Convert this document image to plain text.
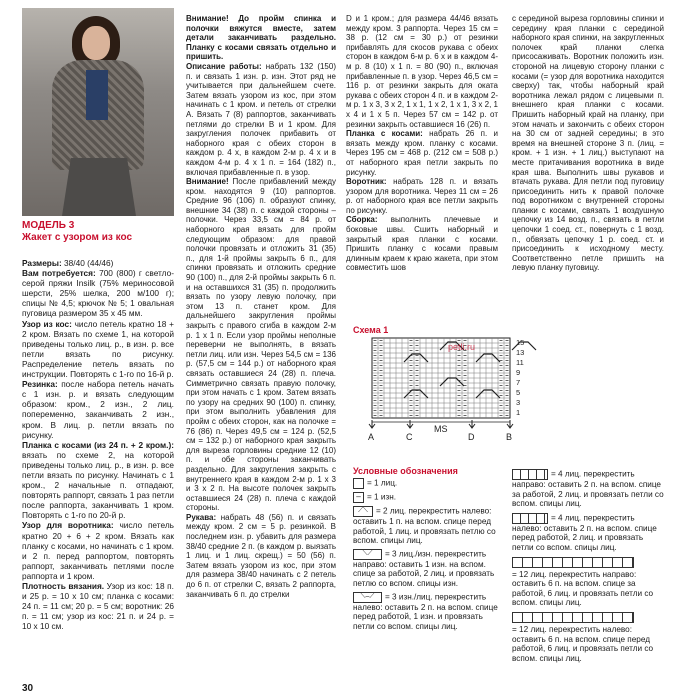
МОДЕЛЬ 3
Жакет с узором из кос

Размеры: 38/40 (44/46)

Вам потребуется: 700 (800) г светло-серой пряжи Insilk (75% мериносовой шерсти, 25% шелка, 200 м/100 г); спицы № 4,5; крючок № 5; 1 овальная пуговица размером 35 x 45 мм.

Узор из кос: число петель кратно 18 + 2 кром. Вязать по схеме 1, на которой приведены только лиц. р., в изн. р. все петли вязать по рисунку. Распределение петель вязать по инструкции. Повторять с 1-го по 16-й р.

Резинка: после набора петель начать с 1 изн. р. и вязать следующим образом: кром., 2 изн., 2 лиц. попеременно, заканчивать 2 изн., кром. В лиц. р. петли вязать по рисунку.

Планка с косами (из 24 п. + 2 кром.): вязать по схеме 2, на которой приведены только лиц. р., в изн. р. все петли вязать по рисунку. Начинать с 1 кром., 2 начальные п. отпадают, повторять раппорт, связать 1 раз петли после раппорта, заканчивать 1 кром. Повторять с 1-го по 20-й р.

Узор для воротника: число петель кратно 20 + 6 + 2 кром. Вязать как планку с косами, но начинать с 1 кром. и 2 п. перед раппортом, повторять раппорт, заканчивать петлями после раппорта и 1 кром.

Плотность вязания. Узор из кос: 18 п. и 25 р. = 10 x 10 см; планка с косами: 24 п. = 11 см; 20 р. = 5 см; воротник: 26 п. = 11 см; узор из кос: 21 п. и 24 р. = 10 x 10 см.

Внимание! До пройм спинка и полочки вяжутся вместе, затем детали заканчивать раздельно. Планку с косами связать отдельно и пришить.

Описание работы: набрать 132 (150) п. и связать 1 изн. р. изн. Этот ряд не учитывается при дальнейшем счете. Затем вязать узором из кос, при этом начинать с 1 кром. и петель от стрелки А. Вязать 7 (8) раппортов, заканчивать петлями до стрелки В и 1 кром. Для закругления полочек прибавить от наборного края с обеих сторон в каждом р. 4 х, в каждом 2-м р. 4 х и в каждом 4-м р. 4 х 1 п. = 164 (182) п., включая прибавленные п. в узор.

Внимание! После прибавлений между кром. находятся 9 (10) раппортов. Средние 96 (106) п. образуют спинку, внешние 34 (38) п. с каждой стороны – полочки. Через 33,5 см = 84 р. от наборного края вязать для пройм следующим образом: для правой полочки провязать и отложить 31 (35) п., для 1-й проймы закрыть 6 п., для спинки провязать и отложить средние 90 (100) п., для 2-й проймы закрыть 6 п. и на оставшихся 31 (35) п. продолжить вязать по узору левую полочку, при этом 13 п. станет кром. Для дальнейшего закругления проймы закрыть с правого сгиба в каждом 2-м р. 1 х 1 п. Если узор проймы неполные переверни не выполнять, в вязать петли лиц. или изн. Через 54,5 см = 136 р. (57,5 см = 144 р.) от наборного края связать оставшиеся 24 (28) п. плеча. Симметрично связать правую полочку, при этом начать с 1 кром. Затем вязать по узору на средних 90 (100) п. спинку, при этом выполнить убавления для пройм с обеих сторон, как на полочке = 76 (86) п. Через 49,5 см = 124 р. (52,5 см = 132 р.) от наборного края закрыть для выреза горловины средние 12 (10) п. и обе стороны заканчивать раздельно. Для закругления закрыть с внутреннего края в каждом 2-м р. 1 х 3 и 3 х 2 п. На высоте полочек закрыть оставшиеся 24 (28) п. плеча с каждой стороны.

Рукава: набрать 48 (56) п. и связать между кром. 2 см = 5 р. резинкой. В последнем изн. р. убавить для размера 38/40 средние 2 п. (в каждом р. выязать 1 лиц. и 1 лиц. скрещ.) = 50 (56) п. Затем вязать узором из кос, при этом для размера 38/40 начинать с 2 петель до 6 п. от стрелки С, вязать 2 раппорта, заканчивать 6 п. до стрелки

D и 1 кром.; для размера 44/46 вязать между кром. 3 раппорта. Через 15 см = 38 р. (12 см = 30 р.) от резинки прибавлять для скосов рукава с обеих сторон в каждом 6-м р. 6 х и в каждом 4-м р. 8 (10) х 1 п. = 80 (90) п., включая прибавленные п. в узор. Через 46,5 см = 116 р. от резинки закрыть для оката рукава с обеих сторон 4 п. и в каждом 2-м р. 1 х 3, 3 х 2, 1 х 1, 1 х 2, 1 х 1, 3 х 2, 1 х 4 и 1 х 5 п. Через 57 см = 142 р. от резинки закрыть оставшиеся 16 (26) п.

Планка с косами: набрать 26 п. и вязать между кром. планку с косами. Через 195 см = 468 р. (212 см = 508 р.) от наборного края петли закрыть по рисунку.

Воротник: набрать 128 п. и вязать узором для воротника. Через 11 см = 26 р. от наборного края все петли закрыть по рисунку.

Сборка: выполнить плечевые и боковые швы. Сшить наборный и закрытый края планки с косами. Пришить планку с косами правым длинным краем к краю жакета, при этом совместить шов

с серединой выреза горловины спинки и середину края планки с серединой наборного края спинки, на закругленных полочек край планки слегка присосаживать. Воротник положить изн. стороной на лицевую сторону планки с косами (= узор для воротника находится сверху) так, чтобы наборный край воротника лежал рядом с лицевыми п. внешнего края планки с косами. Пришить наборный край на планку, при этом начать и закончить с обеих сторон на 30 см от задней середины; в это время на внешней стороне 3 п. (лиц. = кром. + 1 изн. + 1 лиц.) выступают на месте притачивания воротника в виде края шва. Выполнить швы рукавов и втачать рукава. Для петли под пуговицу присоединить нить к правой полочке под воротником с внутренней стороны планки с косами, связать 1 воздушную цепочку из 14 возд. п., связать в петли цепочки 1 соед. ст., повернуть с 1 возд. п., обвязать цепочку 1 р. соед. ст. и присоединить к исходному месту. Соответственно петле пришить на левую планку пуговицу.

Схема 1
petli.ru	15
13
11
9
7
5
3
1
A	C	D	B
MS
Условные обозначения
= 1 лиц.
– = 1 изн.
⟋⟍ = 2 лиц. перекрестить налево: оставить 1 п. на вспом. спице перед работой, 1 лиц. и провязать петлю со вспом. спицы лиц.
⟍⟋ = 3 лиц./изн. перекрестить направо: оставить 1 изн. на вспом. спице за работой, 2 лиц. и провязать петлю со вспом. спицы изн.
⟍–⟋ = 3 изн./лиц. перекрестить налево: оставить 2 п. на вспом. спице перед работой, 1 изн. и провязать петли со вспом. спицы лиц.
= 4 лиц. перекрестить направо: оставить 2 п. на вспом. спице за работой, 2 лиц. и провязать петли со вспом. спицы лиц.
= 4 лиц. перекрестить налево: оставить 2 п. на вспом. спице перед работой, 2 лиц. и провязать петли со вспом. спицы лиц.
= 12 лиц. перекрестить направо: оставить 6 п. на вспом. спице за работой, 6 лиц. и провязать петли со вспом. спицы лиц.
= 12 лиц. перекрестить налево: оставить 6 п. на вспом. спице перед работой, 6 лиц. и провязать петли со вспом. спицы лиц.
30
